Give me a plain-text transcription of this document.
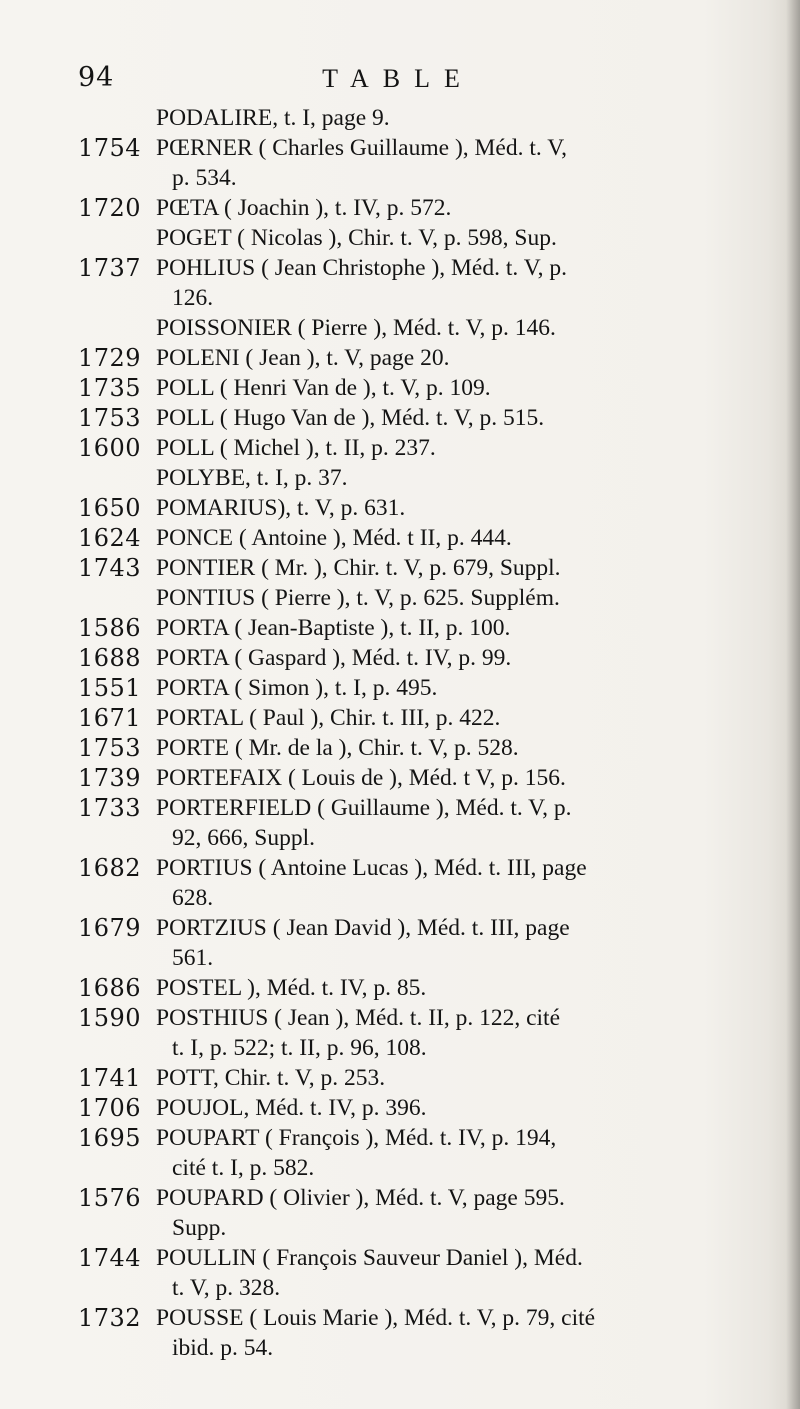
94	TABLE
PODALIRE, t. I, page 9.
1754 PŒRNER ( Charles Guillaume ), Méd. t. V,
p. 534.
1720 PŒTA ( Joachin ), t. IV, p. 572.
POGET ( Nicolas ), Chir. t. V, p. 598, Sup.
1737 POHLIUS ( Jean Christophe ), Méd. t. V, p.
126.
POISSONIER ( Pierre ), Méd. t. V, p. 146.
1729 POLENI ( Jean ), t. V, page 20.
1735 POLL ( Henri Van de ), t. V, p. 109.
1753 POLL ( Hugo Van de ), Méd. t. V, p. 515.
1600 POLL ( Michel ), t. II, p. 237.
POLYBE, t. I, p. 37.
1650 POMARIUS), t. V, p. 631.
1624 PONCE ( Antoine ), Méd. t II, p. 444.
1743 PONTIER ( Mr. ), Chir. t. V, p. 679, Suppl.
PONTIUS ( Pierre ), t. V, p. 625. Supplém.
1586 PORTA ( Jean-Baptiste ), t. II, p. 100.
1688 PORTA ( Gaspard ), Méd. t. IV, p. 99.
1551 PORTA ( Simon ), t. I, p. 495.
1671 PORTAL ( Paul ), Chir. t. III, p. 422.
1753 PORTE ( Mr. de la ), Chir. t. V, p. 528.
1739 PORTEFAIX ( Louis de ), Méd. t V, p. 156.
1733 PORTERFIELD ( Guillaume ), Méd. t. V, p.
92, 666, Suppl.
1682 PORTIUS ( Antoine Lucas ), Méd. t. III, page
628.
1679 PORTZIUS ( Jean David ), Méd. t. III, page
561.
1686 POSTEL ), Méd. t. IV, p. 85.
1590 POSTHIUS ( Jean ), Méd. t. II, p. 122, cité
t. I, p. 522; t. II, p. 96, 108.
1741 POTT, Chir. t. V, p. 253.
1706 POUJOL, Méd. t. IV, p. 396.
1695 POUPART ( François ), Méd. t. IV, p. 194,
cité t. I, p. 582.
1576 POUPARD ( Olivier ), Méd. t. V, page 595.
Supp.
1744 POULLIN ( François Sauveur Daniel ), Méd.
t. V, p. 328.
1732 POUSSE ( Louis Marie ), Méd. t. V, p. 79, cité
ibid. p. 54.
